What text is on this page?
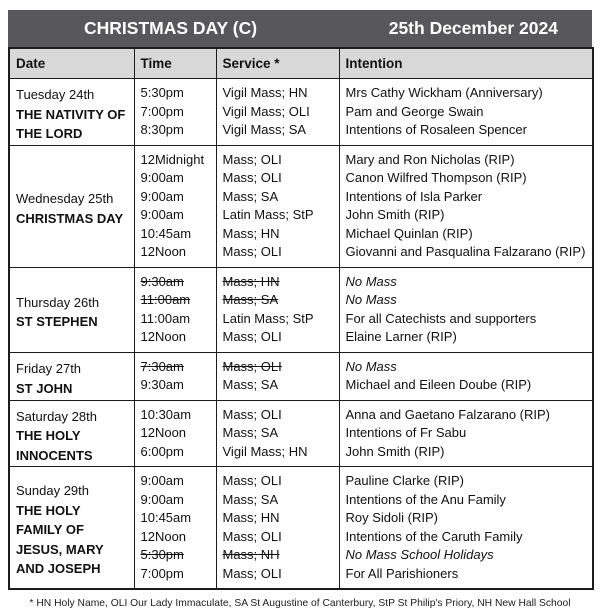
CHRISTMAS DAY (C)	25th December 2024
Date	Time	Service *	Intention

Tuesday 24th
THE NATIVITY OF
THE LORD	5:30pm	Vigil Mass; HN	Mrs Cathy Wickham (Anniversary)
	7:00pm	Vigil Mass; OLI	Pam and George Swain
	8:30pm	Vigil Mass; SA	Intentions of Rosaleen Spencer

Wednesday 25th
CHRISTMAS DAY	12Midnight	Mass; OLI	Mary and Ron Nicholas (RIP)
	9:00am	Mass; OLI	Canon Wilfred Thompson (RIP)
	9:00am	Mass; SA	Intentions of Isla Parker
	9:00am	Latin Mass; StP	John Smith (RIP)
	10:45am	Mass; HN	Michael Quinlan (RIP)
	12Noon	Mass; OLI	Giovanni and Pasqualina Falzarano (RIP)

Thursday 26th
ST STEPHEN	9:30am	Mass; HN	No Mass
	11:00am	Mass; SA	No Mass
	11:00am	Latin Mass; StP	For all Catechists and supporters
	12Noon	Mass; OLI	Elaine Larner (RIP)

Friday 27th
ST JOHN	7:30am	Mass; OLI	No Mass
	9:30am	Mass; SA	Michael and Eileen Doube (RIP)

Saturday 28th
THE HOLY
INNOCENTS	10:30am	Mass; OLI	Anna and Gaetano Falzarano (RIP)
	12Noon	Mass; SA	Intentions of Fr Sabu
	6:00pm	Vigil Mass; HN	John Smith (RIP)

Sunday 29th
THE HOLY
FAMILY OF
JESUS, MARY
AND JOSEPH	9:00am	Mass; OLI	Pauline Clarke (RIP)
	9:00am	Mass; SA	Intentions of the Anu Family
	10:45am	Mass; HN	Roy Sidoli (RIP)
	12Noon	Mass; OLI	Intentions of the Caruth Family
	5:30pm	Mass; NH	No Mass School Holidays
	7:00pm	Mass; OLI	For All Parishioners
* HN Holy Name, OLI Our Lady Immaculate, SA St Augustine of Canterbury, StP St Philip's Priory, NH New Hall School
